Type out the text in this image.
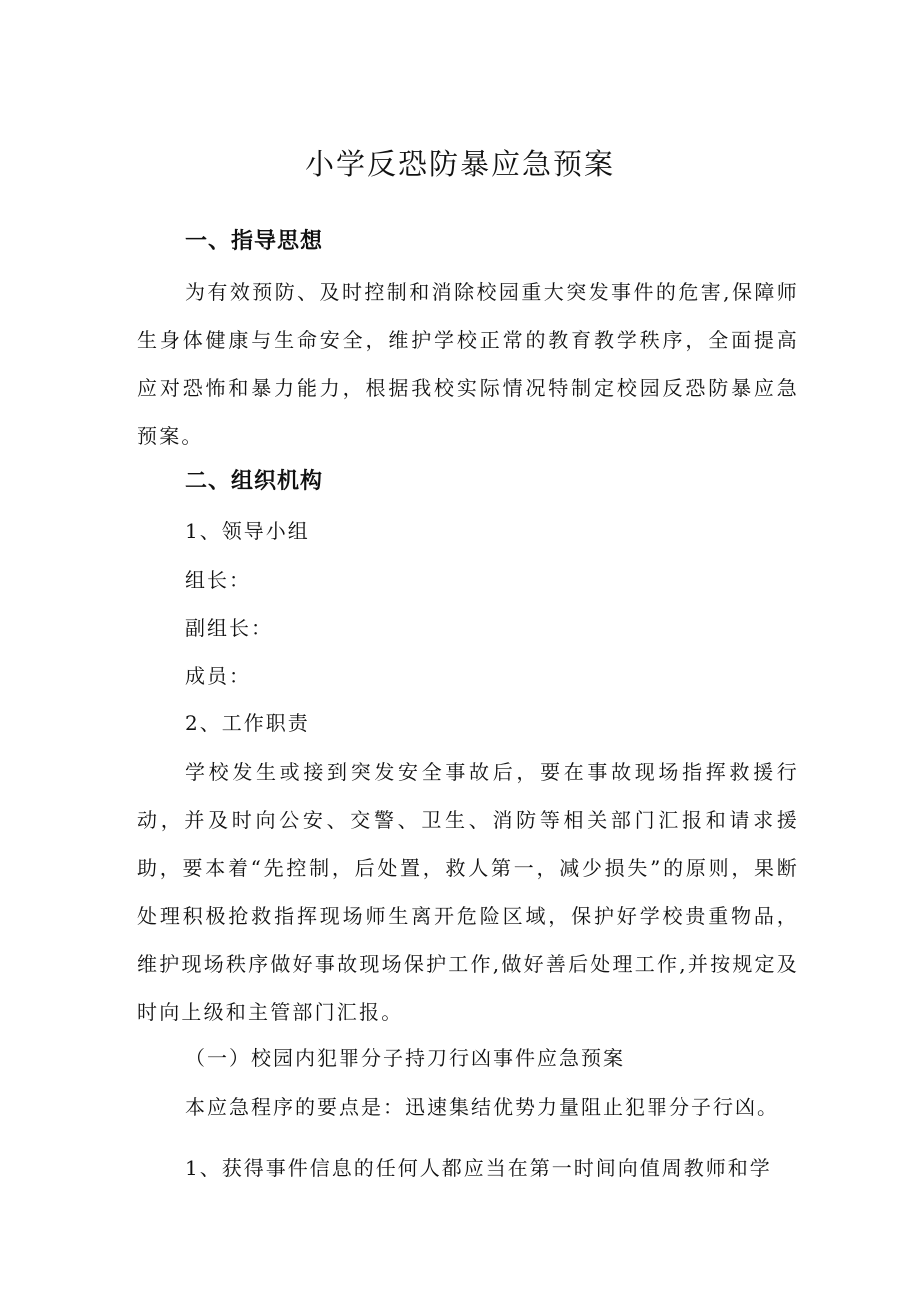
小学反恐防暴应急预案
一、指导思想
为有效预防、及时控制和消除校园重大突发事件的危害,保障师生身体健康与生命安全，维护学校正常的教育教学秩序，全面提高应对恐怖和暴力能力，根据我校实际情况特制定校园反恐防暴应急预案。
二、组织机构
1、领导小组
组长：
副组长：
成员：
2、工作职责
学校发生或接到突发安全事故后，要在事故现场指挥救援行动，并及时向公安、交警、卫生、消防等相关部门汇报和请求援助，要本着“先控制，后处置，救人第一，减少损失”的原则，果断处理积极抢救指挥现场师生离开危险区域，保护好学校贵重物品，维护现场秩序做好事故现场保护工作,做好善后处理工作,并按规定及时向上级和主管部门汇报。
（一）校园内犯罪分子持刀行凶事件应急预案
本应急程序的要点是：迅速集结优势力量阻止犯罪分子行凶。
1、获得事件信息的任何人都应当在第一时间向值周教师和学
